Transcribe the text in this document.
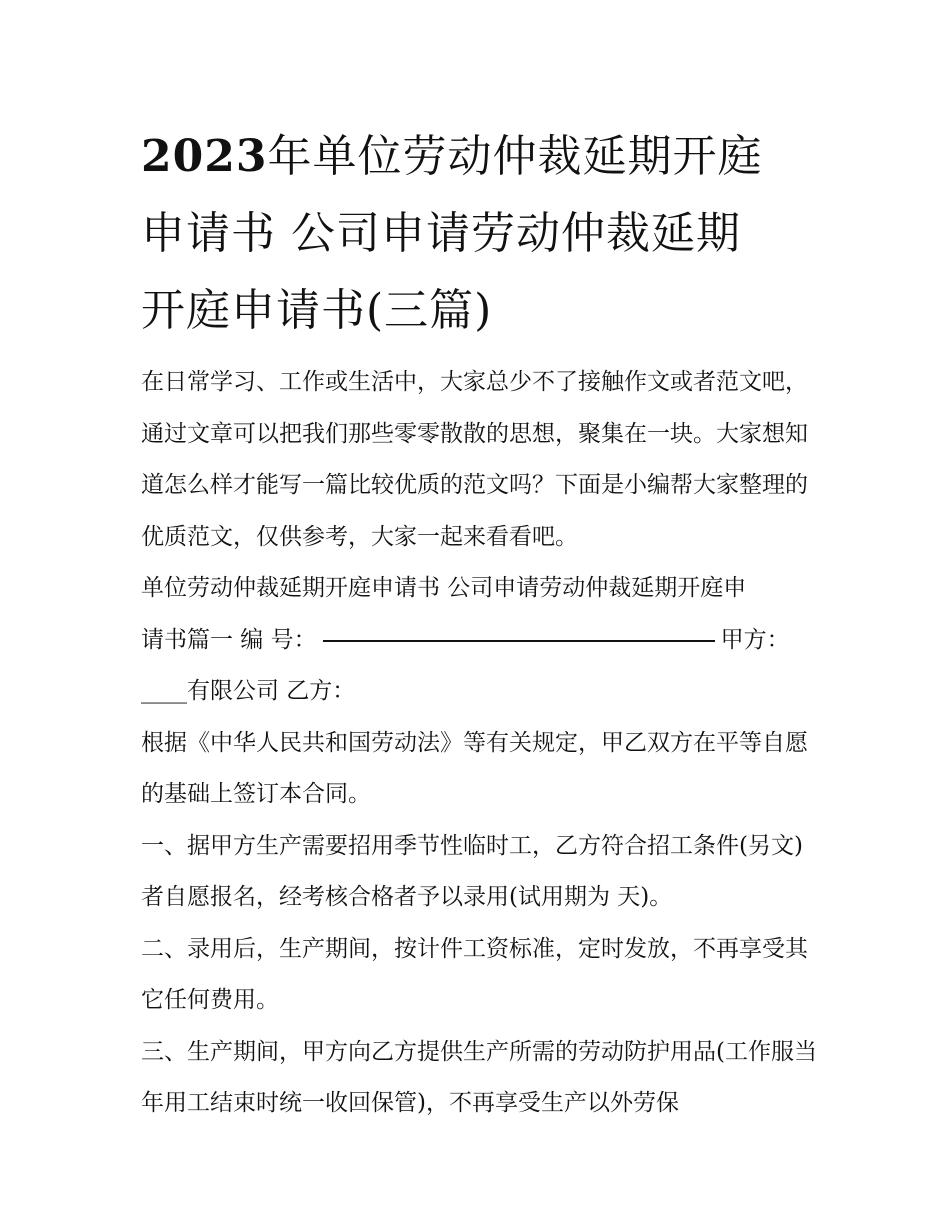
2023年单位劳动仲裁延期开庭
申请书 公司申请劳动仲裁延期
开庭申请书(三篇)

在日常学习、工作或生活中，大家总少不了接触作文或者范文吧，通过文章可以把我们那些零零散散的思想，聚集在一块。大家想知道怎么样才能写一篇比较优质的范文吗？下面是小编帮大家整理的优质范文，仅供参考，大家一起来看看吧。

单位劳动仲裁延期开庭申请书 公司申请劳动仲裁延期开庭申

请书篇一 编 号：	甲方：

____有限公司 乙方：

根据《中华人民共和国劳动法》等有关规定，甲乙双方在平等自愿的基础上签订本合同。

一、据甲方生产需要招用季节性临时工，乙方符合招工条件(另文)者自愿报名，经考核合格者予以录用(试用期为 天)。

二、录用后，生产期间，按计件工资标准，定时发放，不再享受其它任何费用。

三、生产期间，甲方向乙方提供生产所需的劳动防护用品(工作服当年用工结束时统一收回保管)，不再享受生产以外劳保
